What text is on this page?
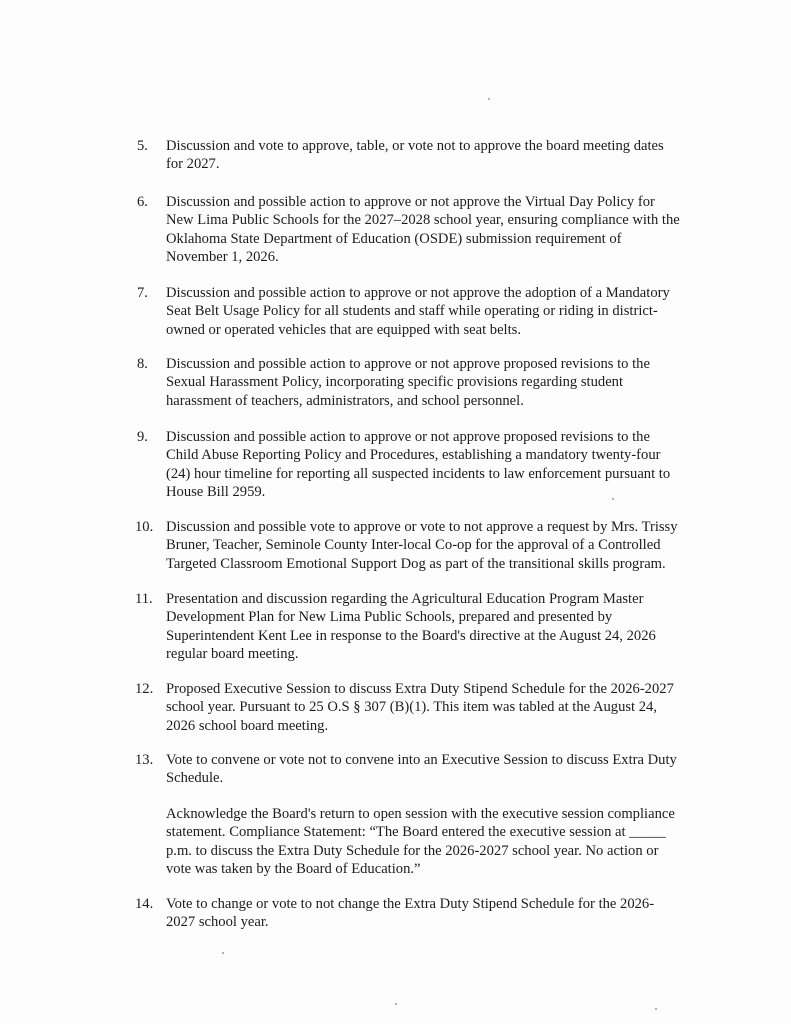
5.	Discussion and vote to approve, table, or vote not to approve the board meeting dates
for 2027.
6.	Discussion and possible action to approve or not approve the Virtual Day Policy for
New Lima Public Schools for the 2027–2028 school year, ensuring compliance with the
Oklahoma State Department of Education (OSDE) submission requirement of
November 1, 2026.
7.	Discussion and possible action to approve or not approve the adoption of a Mandatory
Seat Belt Usage Policy for all students and staff while operating or riding in district-
owned or operated vehicles that are equipped with seat belts.
8.	Discussion and possible action to approve or not approve proposed revisions to the
Sexual Harassment Policy, incorporating specific provisions regarding student
harassment of teachers, administrators, and school personnel.
9.	Discussion and possible action to approve or not approve proposed revisions to the
Child Abuse Reporting Policy and Procedures, establishing a mandatory twenty-four
(24) hour timeline for reporting all suspected incidents to law enforcement pursuant to
House Bill 2959.
10. Discussion and possible vote to approve or vote to not approve a request by Mrs. Trissy
Bruner, Teacher, Seminole County Inter-local Co-op for the approval of a Controlled
Targeted Classroom Emotional Support Dog as part of the transitional skills program.
11. Presentation and discussion regarding the Agricultural Education Program Master
Development Plan for New Lima Public Schools, prepared and presented by
Superintendent Kent Lee in response to the Board's directive at the August 24, 2026
regular board meeting.
12. Proposed Executive Session to discuss Extra Duty Stipend Schedule for the 2026-2027
school year. Pursuant to 25 O.S § 307 (B)(1). This item was tabled at the August 24,
2026 school board meeting.
13. Vote to convene or vote not to convene into an Executive Session to discuss Extra Duty
Schedule.
Acknowledge the Board's return to open session with the executive session compliance
statement. Compliance Statement: “The Board entered the executive session at _____
p.m. to discuss the Extra Duty Schedule for the 2026-2027 school year. No action or
vote was taken by the Board of Education.”
14. Vote to change or vote to not change the Extra Duty Stipend Schedule for the 2026-
2027 school year.
